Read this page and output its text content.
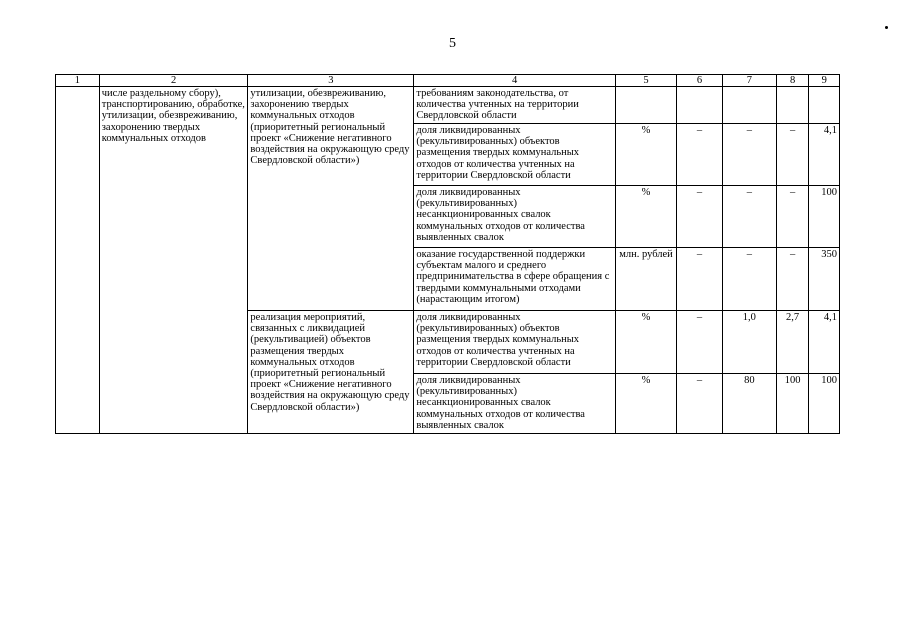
5
1	2	3	4	5	6	7	8	9

	числе раздельному сбору), транспортированию, обработке, утилизации, обезвреживанию, захоронению твердых коммунальных отходов	утилизации, обезвреживанию, захоронению твердых коммунальных отходов (приоритетный региональный проект «Снижение негативного воздействия на окружающую среду Свердловской области»)	требованиям законодательства, от количества учтенных на территории Свердловской области					
			доля ликвидированных (рекультивированных) объектов размещения твердых коммунальных отходов от количества учтенных на территории Свердловской области	%	–	–	–	4,1
			доля ликвидированных (рекультивированных) несанкционированных свалок коммунальных отходов от количества выявленных свалок	%	–	–	–	100
			оказание государственной поддержки субъектам малого и среднего предпринимательства в сфере обращения с твердыми коммунальными отходами (нарастающим итогом)	млн. рублей	–	–	–	350

		реализация мероприятий, связанных с ликвидацией (рекультивацией) объектов размещения твердых коммунальных отходов (приоритетный региональный проект «Снижение негативного воздействия на окружающую среду Свердловской области»)	доля ликвидированных (рекультивированных) объектов размещения твердых коммунальных отходов от количества учтенных на территории Свердловской области	%	–	1,0	2,7	4,1
			доля ликвидированных (рекультивированных) несанкционированных свалок коммунальных отходов от количества выявленных свалок	%	–	80	100	100
